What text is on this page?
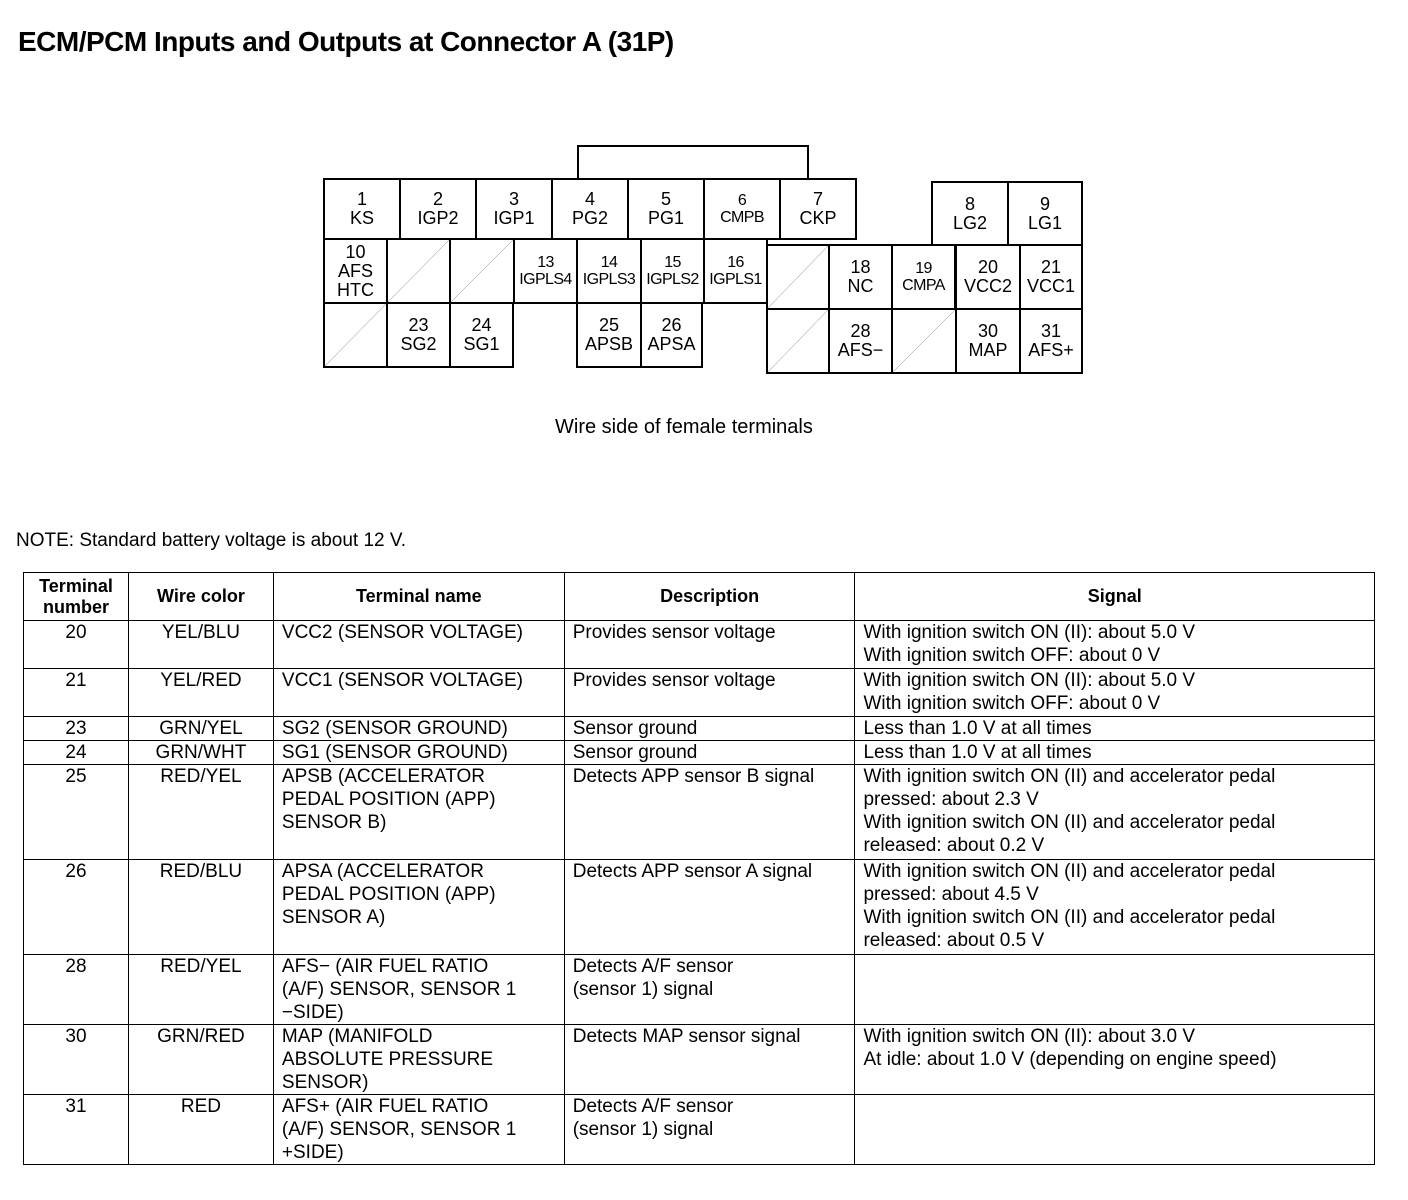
ECM/PCM Inputs and Outputs at Connector A (31P)
1
KS
2
IGP2
3
IGP1
4
PG2
5
PG1
6
CMPB
7
CKP
8
LG2
9
LG1
10
AFS
HTC
13
IGPLS4
14
IGPLS3
15
IGPLS2
16
IGPLS1
18
NC
19
CMPA
20
VCC2
21
VCC1
23
SG2
24
SG1
25
APSB
26
APSA
28
AFS−
30
MAP
31
AFS+
Wire side of female terminals
NOTE: Standard battery voltage is about 12 V.
Terminal
number	Wire color	Terminal name	Description	Signal
20	YEL/BLU	VCC2 (SENSOR VOLTAGE)	Provides sensor voltage	With ignition switch ON (II): about 5.0 V
With ignition switch OFF: about 0 V
21	YEL/RED	VCC1 (SENSOR VOLTAGE)	Provides sensor voltage	With ignition switch ON (II): about 5.0 V
With ignition switch OFF: about 0 V
23	GRN/YEL	SG2 (SENSOR GROUND)	Sensor ground	Less than 1.0 V at all times
24	GRN/WHT	SG1 (SENSOR GROUND)	Sensor ground	Less than 1.0 V at all times
25	RED/YEL	APSB (ACCELERATOR
PEDAL POSITION (APP)
SENSOR B)	Detects APP sensor B signal	With ignition switch ON (II) and accelerator pedal
pressed: about 2.3 V
With ignition switch ON (II) and accelerator pedal
released: about 0.2 V
26	RED/BLU	APSA (ACCELERATOR
PEDAL POSITION (APP)
SENSOR A)	Detects APP sensor A signal	With ignition switch ON (II) and accelerator pedal
pressed: about 4.5 V
With ignition switch ON (II) and accelerator pedal
released: about 0.5 V
28	RED/YEL	AFS− (AIR FUEL RATIO
(A/F) SENSOR, SENSOR 1
−SIDE)	Detects A/F sensor
(sensor 1) signal	
30	GRN/RED	MAP (MANIFOLD
ABSOLUTE PRESSURE
SENSOR)	Detects MAP sensor signal	With ignition switch ON (II): about 3.0 V
At idle: about 1.0 V (depending on engine speed)
31	RED	AFS+ (AIR FUEL RATIO
(A/F) SENSOR, SENSOR 1
+SIDE)	Detects A/F sensor
(sensor 1) signal	
